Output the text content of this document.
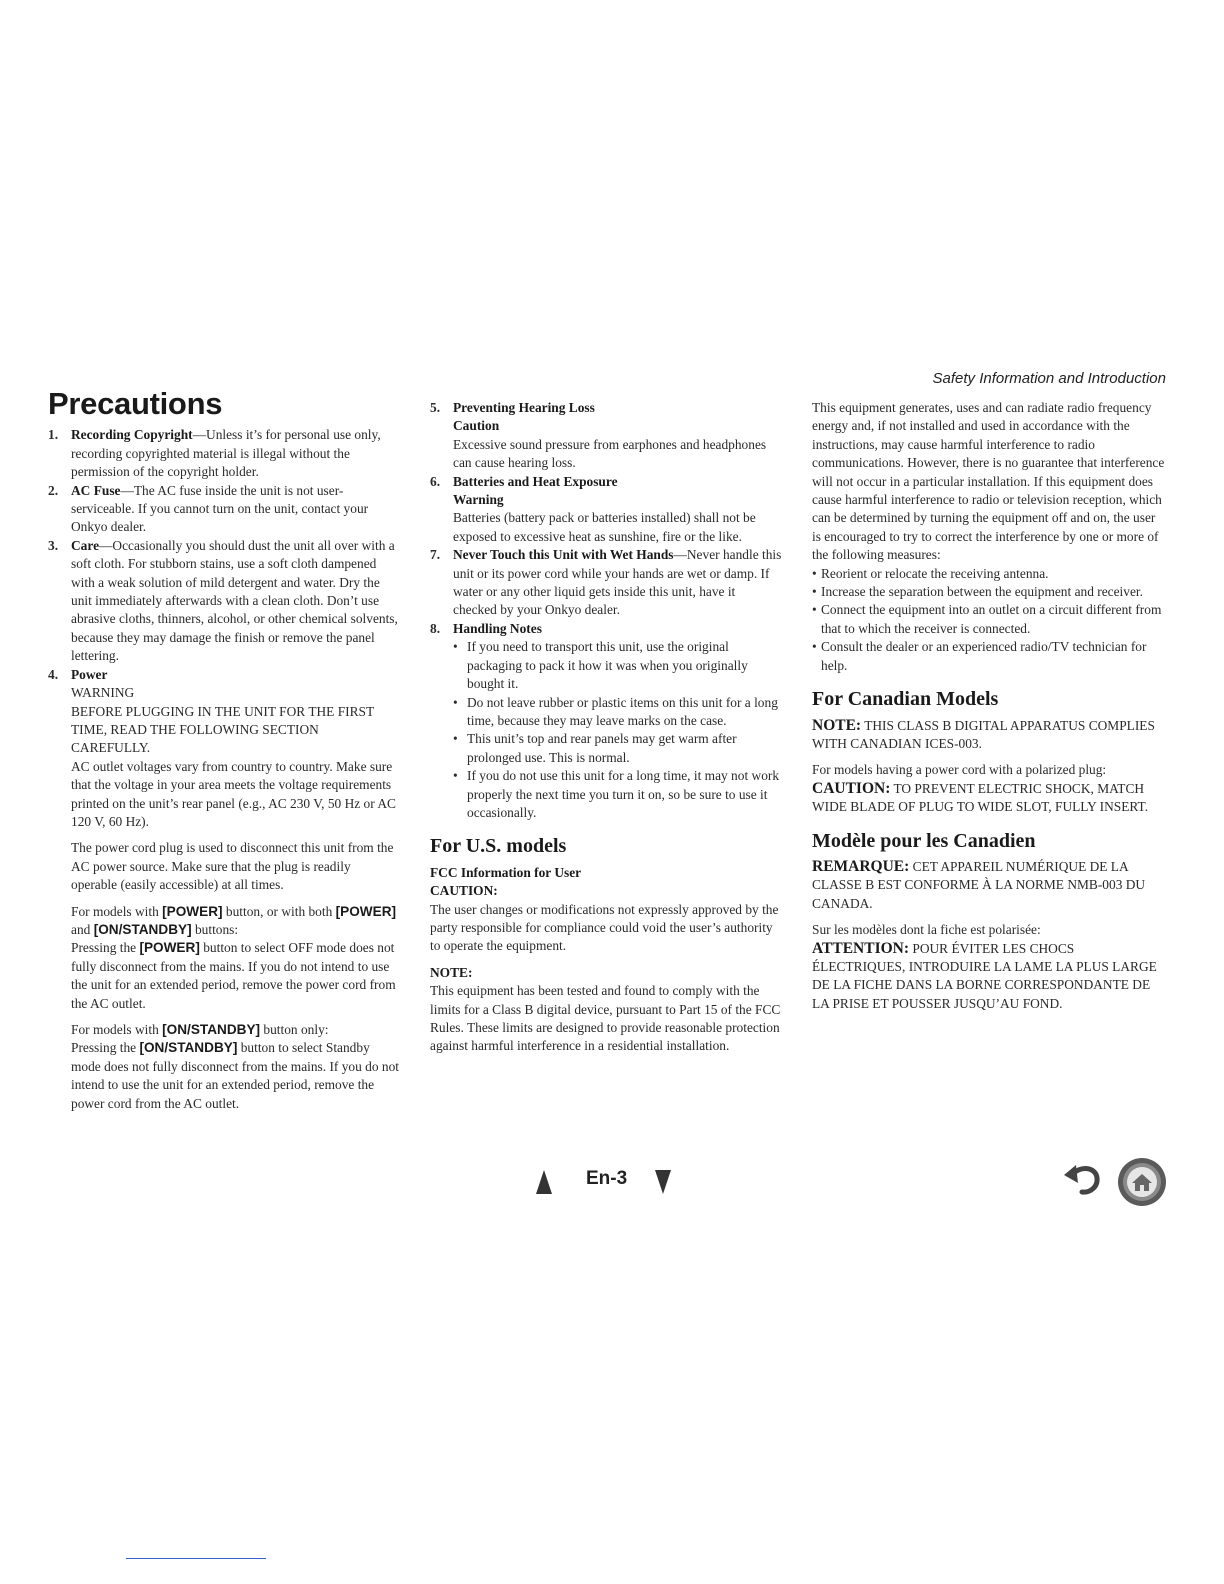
Safety Information and Introduction
Precautions
1. Recording Copyright—Unless it’s for personal use only, recording copyrighted material is illegal without the permission of the copyright holder.
2. AC Fuse—The AC fuse inside the unit is not user-serviceable. If you cannot turn on the unit, contact your Onkyo dealer.
3. Care—Occasionally you should dust the unit all over with a soft cloth. For stubborn stains, use a soft cloth dampened with a weak solution of mild detergent and water. Dry the unit immediately afterwards with a clean cloth. Don’t use abrasive cloths, thinners, alcohol, or other chemical solvents, because they may damage the finish or remove the panel lettering.
4. Power
WARNING
BEFORE PLUGGING IN THE UNIT FOR THE FIRST TIME, READ THE FOLLOWING SECTION CAREFULLY.

AC outlet voltages vary from country to country. Make sure that the voltage in your area meets the voltage requirements printed on the unit’s rear panel (e.g., AC 230 V, 50 Hz or AC 120 V, 60 Hz).

The power cord plug is used to disconnect this unit from the AC power source. Make sure that the plug is readily operable (easily accessible) at all times.

For models with [POWER] button, or with both [POWER] and [ON/STANDBY] buttons:
Pressing the [POWER] button to select OFF mode does not fully disconnect from the mains. If you do not intend to use the unit for an extended period, remove the power cord from the AC outlet.

For models with [ON/STANDBY] button only:
Pressing the [ON/STANDBY] button to select Standby mode does not fully disconnect from the mains. If you do not intend to use the unit for an extended period, remove the power cord from the AC outlet.

5. Preventing Hearing Loss
Caution
Excessive sound pressure from earphones and headphones can cause hearing loss.
6. Batteries and Heat Exposure
Warning
Batteries (battery pack or batteries installed) shall not be exposed to excessive heat as sunshine, fire or the like.
7. Never Touch this Unit with Wet Hands—Never handle this unit or its power cord while your hands are wet or damp. If water or any other liquid gets inside this unit, have it checked by your Onkyo dealer.
8. Handling Notes
• If you need to transport this unit, use the original packaging to pack it how it was when you originally bought it.
• Do not leave rubber or plastic items on this unit for a long time, because they may leave marks on the case.
• This unit’s top and rear panels may get warm after prolonged use. This is normal.
• If you do not use this unit for a long time, it may not work properly the next time you turn it on, so be sure to use it occasionally.
For U.S. models
FCC Information for User
CAUTION:

The user changes or modifications not expressly approved by the party responsible for compliance could void the user’s authority to operate the equipment.

NOTE:

This equipment has been tested and found to comply with the limits for a Class B digital device, pursuant to Part 15 of the FCC Rules. These limits are designed to provide reasonable protection against harmful interference in a residential installation.

This equipment generates, uses and can radiate radio frequency energy and, if not installed and used in accordance with the instructions, may cause harmful interference to radio communications. However, there is no guarantee that interference will not occur in a particular installation. If this equipment does cause harmful interference to radio or television reception, which can be determined by turning the equipment off and on, the user is encouraged to try to correct the interference by one or more of the following measures:

• Reorient or relocate the receiving antenna.
• Increase the separation between the equipment and receiver.
• Connect the equipment into an outlet on a circuit different from that to which the receiver is connected.
• Consult the dealer or an experienced radio/TV technician for help.
For Canadian Models

NOTE: THIS CLASS B DIGITAL APPARATUS COMPLIES WITH CANADIAN ICES-003.

For models having a power cord with a polarized plug:

CAUTION: TO PREVENT ELECTRIC SHOCK, MATCH WIDE BLADE OF PLUG TO WIDE SLOT, FULLY INSERT.

Modèle pour les Canadien

REMARQUE: CET APPAREIL NUMÉRIQUE DE LA CLASSE B EST CONFORME À LA NORME NMB-003 DU CANADA.

Sur les modèles dont la fiche est polarisée:

ATTENTION: POUR ÉVITER LES CHOCS ÉLECTRIQUES, INTRODUIRE LA LAME LA PLUS LARGE DE LA FICHE DANS LA BORNE CORRESPONDANTE DE LA PRISE ET POUSSER JUSQU’AU FOND.

En-3
